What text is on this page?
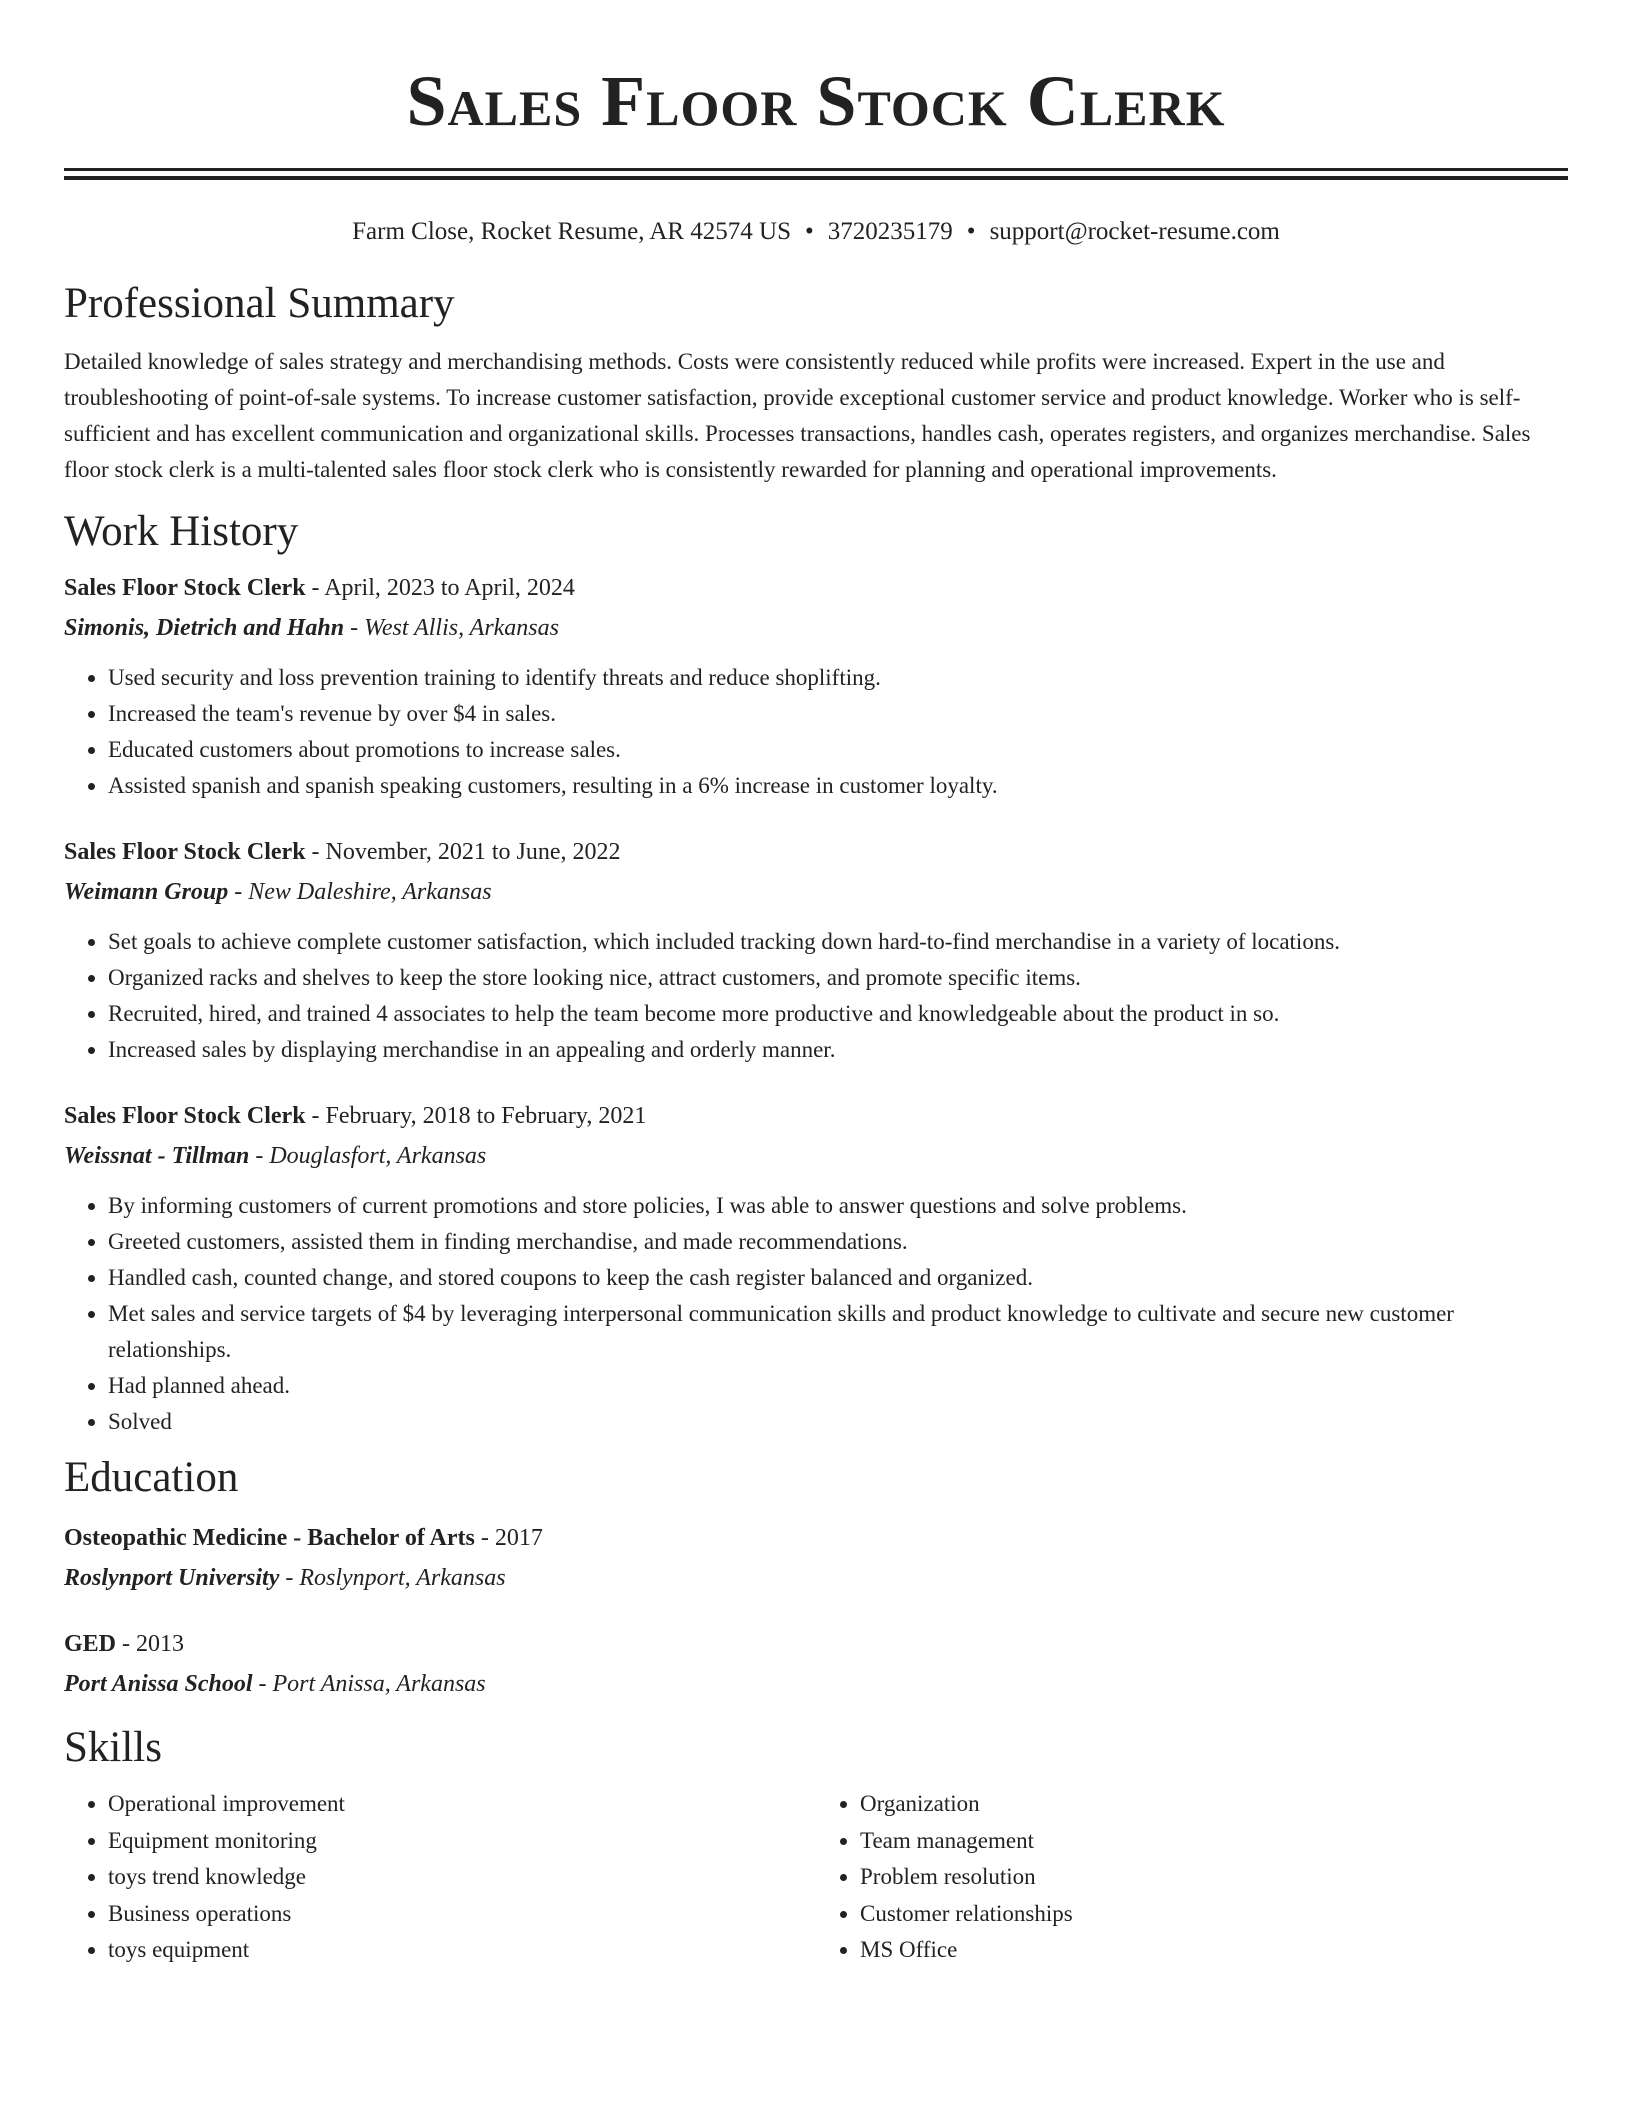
Sales Floor Stock Clerk
Farm Close, Rocket Resume, AR 42574 US • 3720235179 • support@rocket-resume.com
Professional Summary

Detailed knowledge of sales strategy and merchandising methods. Costs were consistently reduced while profits were increased. Expert in the use and troubleshooting of point-of-sale systems. To increase customer satisfaction, provide exceptional customer service and product knowledge. Worker who is self-sufficient and has excellent communication and organizational skills. Processes transactions, handles cash, operates registers, and organizes merchandise. Sales floor stock clerk is a multi-talented sales floor stock clerk who is consistently rewarded for planning and operational improvements.

Work History

Sales Floor Stock Clerk - April, 2023 to April, 2024

Simonis, Dietrich and Hahn - West Allis, Arkansas

• Used security and loss prevention training to identify threats and reduce shoplifting.
• Increased the team's revenue by over $4 in sales.
• Educated customers about promotions to increase sales.
• Assisted spanish and spanish speaking customers, resulting in a 6% increase in customer loyalty.

Sales Floor Stock Clerk - November, 2021 to June, 2022

Weimann Group - New Daleshire, Arkansas

• Set goals to achieve complete customer satisfaction, which included tracking down hard-to-find merchandise in a variety of locations.
• Organized racks and shelves to keep the store looking nice, attract customers, and promote specific items.
• Recruited, hired, and trained 4 associates to help the team become more productive and knowledgeable about the product in so.
• Increased sales by displaying merchandise in an appealing and orderly manner.

Sales Floor Stock Clerk - February, 2018 to February, 2021

Weissnat - Tillman - Douglasfort, Arkansas

• By informing customers of current promotions and store policies, I was able to answer questions and solve problems.
• Greeted customers, assisted them in finding merchandise, and made recommendations.
• Handled cash, counted change, and stored coupons to keep the cash register balanced and organized.
• Met sales and service targets of $4 by leveraging interpersonal communication skills and product knowledge to cultivate and secure new customer relationships.
• Had planned ahead.
• Solved
Education

Osteopathic Medicine - Bachelor of Arts - 2017

Roslynport University - Roslynport, Arkansas

GED - 2013

Port Anissa School - Port Anissa, Arkansas

Skills
• Operational improvement
• Equipment monitoring
• toys trend knowledge
• Business operations
• toys equipment
• Organization
• Team management
• Problem resolution
• Customer relationships
• MS Office
